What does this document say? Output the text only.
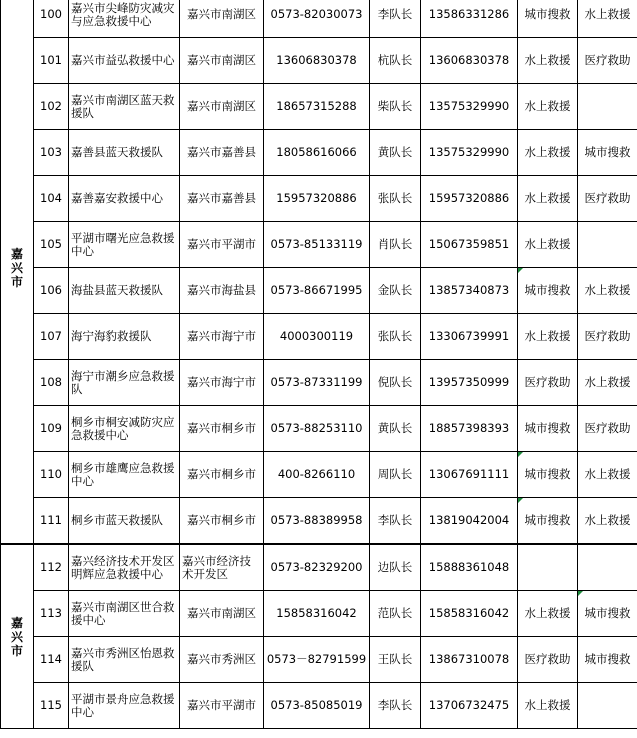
嘉兴市	100	嘉兴市尖峰防灾减灾与应急救援中心	嘉兴市南湖区	0573-82030073	李队长	13586331286	城市搜救	水上救援
	101	嘉兴市益弘救援中心	嘉兴市南湖区	13606830378	杭队长	13606830378	水上救援	医疗救助
	102	嘉兴市南湖区蓝天救援队	嘉兴市南湖区	18657315288	柴队长	13575329990	水上救援	
	103	嘉善县蓝天救援队	嘉兴市嘉善县	18058616066	黄队长	13575329990	水上救援	城市搜救
	104	嘉善嘉安救援中心	嘉兴市嘉善县	15957320886	张队长	15957320886	水上救援	医疗救助
	105	平湖市曙光应急救援中心	嘉兴市平湖市	0573-85133119	肖队长	15067359851	水上救援	
	106	海盐县蓝天救援队	嘉兴市海盐县	0573-86671995	金队长	13857340873	城市搜救	水上救援
	107	海宁海豹救援队	嘉兴市海宁市	4000300119	张队长	13306739991	水上救援	医疗救助
	108	海宁市潮乡应急救援队	嘉兴市海宁市	0573-87331199	倪队长	13957350999	医疗救助	水上救援
	109	桐乡市桐安减防灾应急救援中心	嘉兴市桐乡市	0573-88253110	黄队长	18857398393	城市搜救	医疗救助
	110	桐乡市雄鹰应急救援中心	嘉兴市桐乡市	400-8266110	周队长	13067691111	城市搜救	水上救援
	111	桐乡市蓝天救援队	嘉兴市桐乡市	0573-88389958	李队长	13819042004	城市搜救	水上救援
嘉兴市	112	嘉兴经济技术开发区明辉应急救援中心	嘉兴市经济技术开发区	0573-82329200	边队长	15888361048		
	113	嘉兴市南湖区世合救援中心	嘉兴市南湖区	15858316042	范队长	15858316042	水上救援	城市搜救
	114	嘉兴市秀洲区怡恩救援队	嘉兴市秀洲区	0573－82791599	王队长	13867310078	医疗救助	城市搜救
	115	平湖市景舟应急救援中心	嘉兴市平湖市	0573-85085019	李队长	13706732475	水上救援	
